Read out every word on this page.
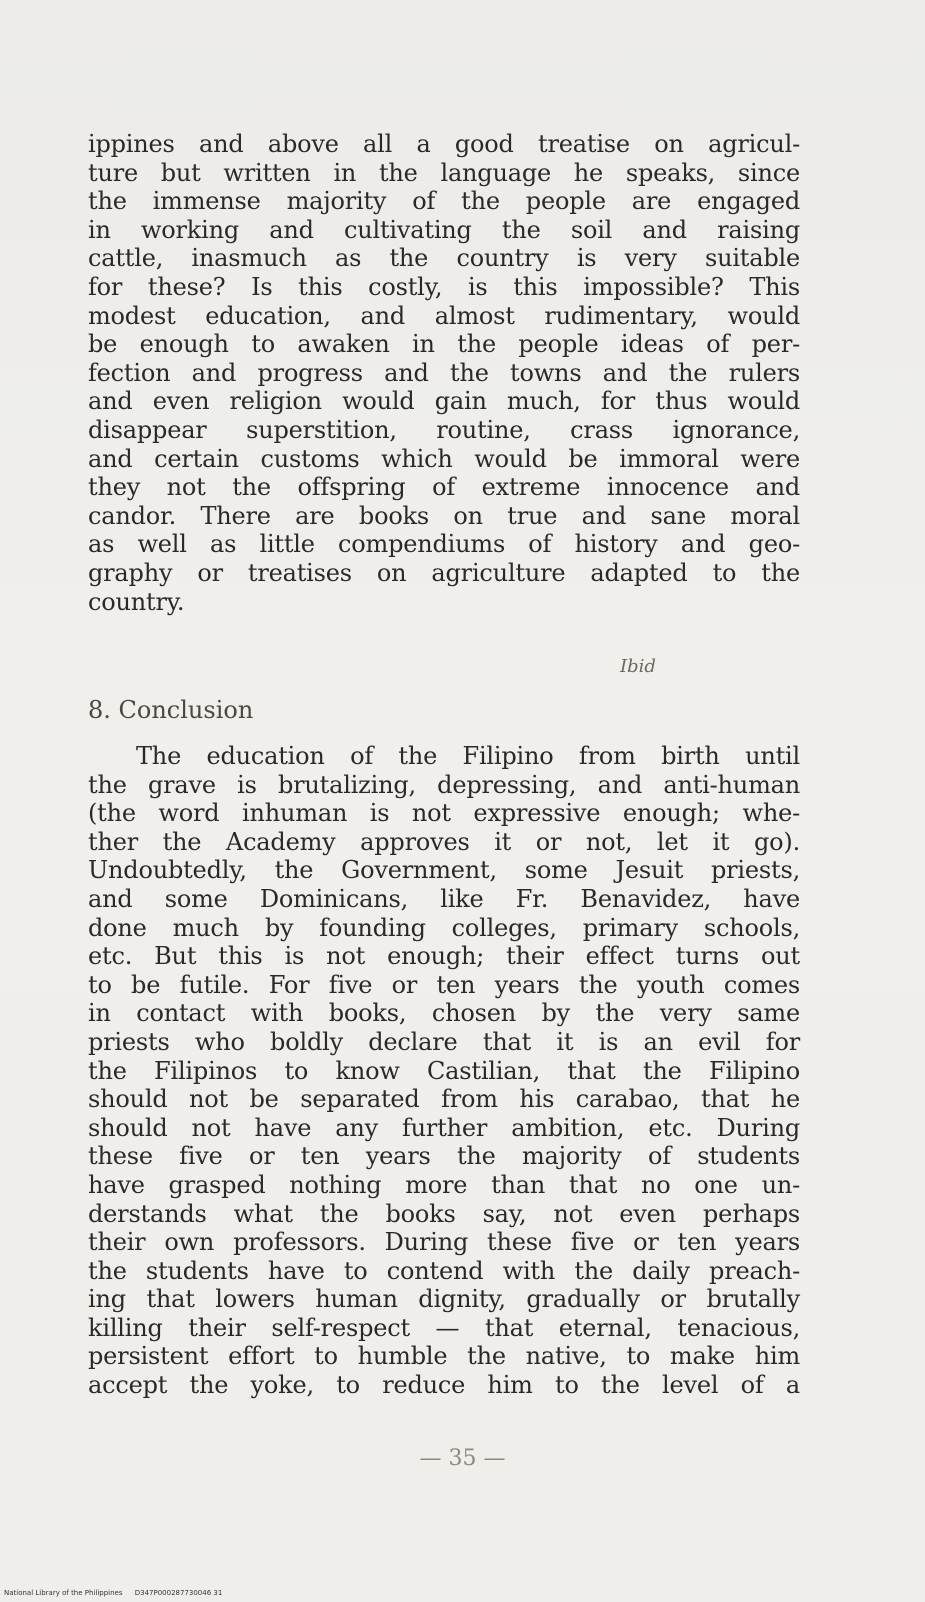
ippines and above all a good treatise on agricul-
ture but written in the language he speaks, since
the immense majority of the people are engaged
in working and cultivating the soil and raising
cattle, inasmuch as the country is very suitable
for these? Is this costly, is this impossible? This
modest education, and almost rudimentary, would
be enough to awaken in the people ideas of per-
fection and progress and the towns and the rulers
and even religion would gain much, for thus would
disappear superstition, routine, crass ignorance,
and certain customs which would be immoral were
they not the offspring of extreme innocence and
candor. There are books on true and sane moral
as well as little compendiums of history and geo-
graphy or treatises on agriculture adapted to the
country.
Ibid
8. Conclusion
The education of the Filipino from birth until
the grave is brutalizing, depressing, and anti-human
(the word inhuman is not expressive enough; whe-
ther the Academy approves it or not, let it go).
Undoubtedly, the Government, some Jesuit priests,
and some Dominicans, like Fr. Benavidez, have
done much by founding colleges, primary schools,
etc. But this is not enough; their effect turns out
to be futile. For five or ten years the youth comes
in contact with books, chosen by the very same
priests who boldly declare that it is an evil for
the Filipinos to know Castilian, that the Filipino
should not be separated from his carabao, that he
should not have any further ambition, etc. During
these five or ten years the majority of students
have grasped nothing more than that no one un-
derstands what the books say, not even perhaps
their own professors. During these five or ten years
the students have to contend with the daily preach-
ing that lowers human dignity, gradually or brutally
killing their self-respect — that eternal, tenacious,
persistent effort to humble the native, to make him
accept the yoke, to reduce him to the level of a
— 35 —
National Library of the Philippines D347P000287730046 31
